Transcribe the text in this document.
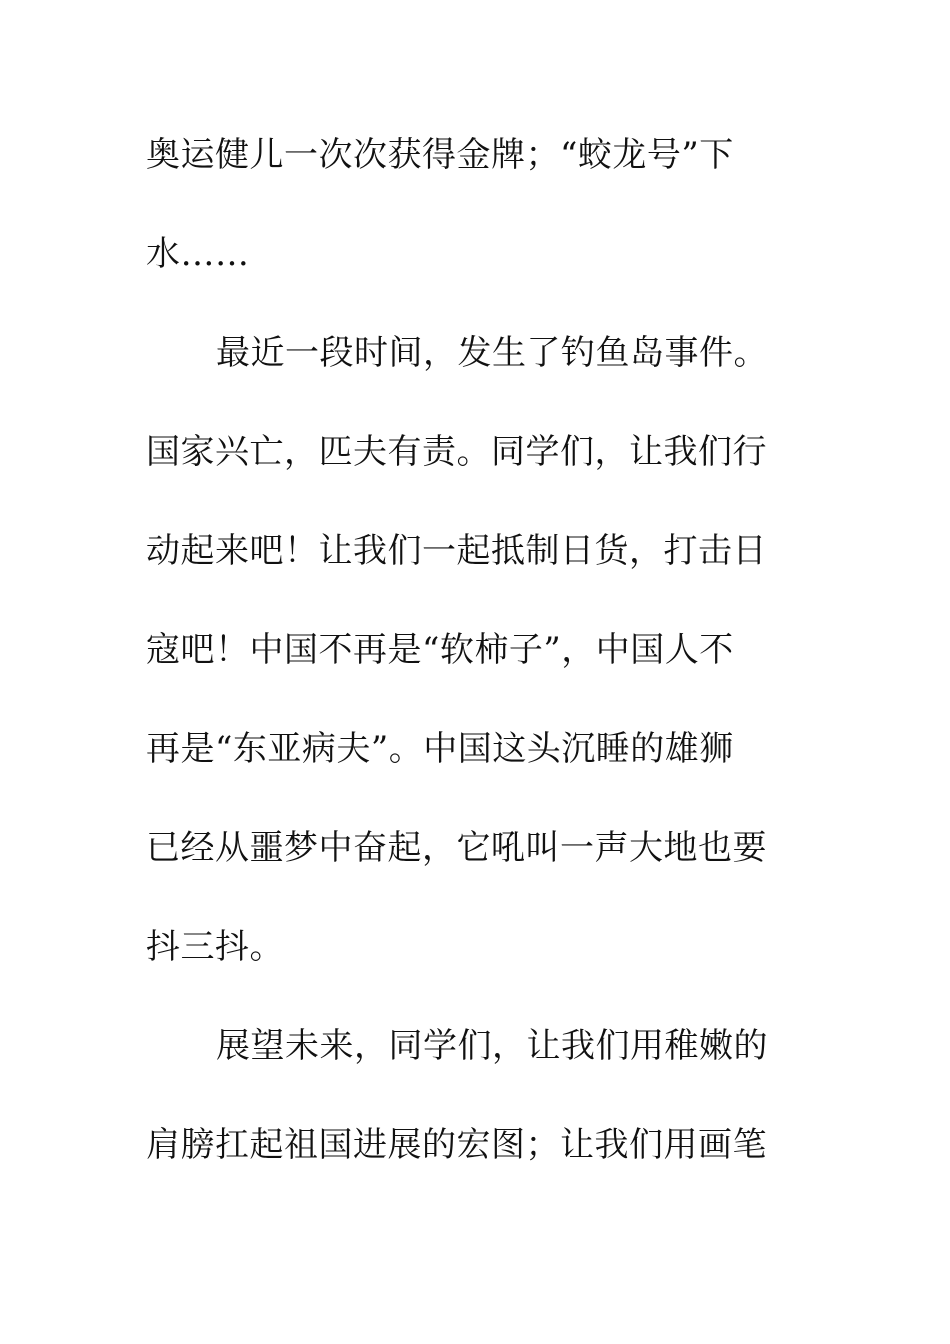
奥运健儿一次次获得金牌；“蛟龙号”下
水……
最近一段时间，发生了钓鱼岛事件。
国家兴亡，匹夫有责。同学们，让我们行
动起来吧！让我们一起抵制日货，打击日
寇吧！中国不再是“软柿子”，中国人不
再是“东亚病夫”。中国这头沉睡的雄狮
已经从噩梦中奋起，它吼叫一声大地也要
抖三抖。
展望未来，同学们，让我们用稚嫩的
肩膀扛起祖国进展的宏图；让我们用画笔
